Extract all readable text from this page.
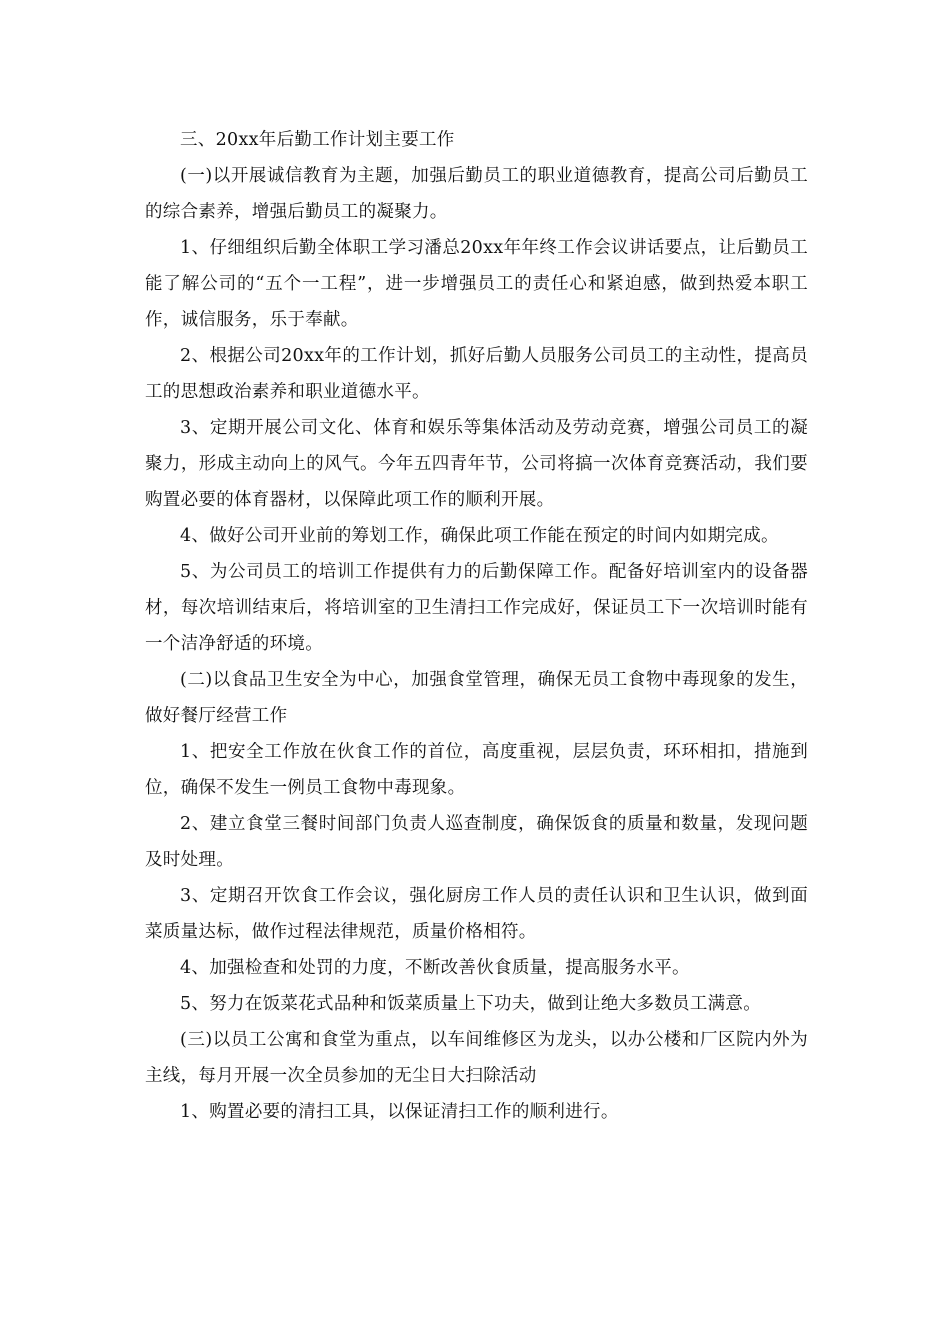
三、20xx年后勤工作计划主要工作

(一)以开展诚信教育为主题，加强后勤员工的职业道德教育，提高公司后勤员工的综合素养，增强后勤员工的凝聚力。

1、仔细组织后勤全体职工学习潘总20xx年年终工作会议讲话要点，让后勤员工能了解公司的“五个一工程”，进一步增强员工的责任心和紧迫感，做到热爱本职工作，诚信服务，乐于奉献。

2、根据公司20xx年的工作计划，抓好后勤人员服务公司员工的主动性，提高员工的思想政治素养和职业道德水平。

3、定期开展公司文化、体育和娱乐等集体活动及劳动竞赛，增强公司员工的凝聚力，形成主动向上的风气。今年五四青年节，公司将搞一次体育竞赛活动，我们要购置必要的体育器材，以保障此项工作的顺利开展。

4、做好公司开业前的筹划工作，确保此项工作能在预定的时间内如期完成。

5、为公司员工的培训工作提供有力的后勤保障工作。配备好培训室内的设备器材，每次培训结束后，将培训室的卫生清扫工作完成好，保证员工下一次培训时能有一个洁净舒适的环境。

(二)以食品卫生安全为中心，加强食堂管理，确保无员工食物中毒现象的发生，做好餐厅经营工作

1、把安全工作放在伙食工作的首位，高度重视，层层负责，环环相扣，措施到位，确保不发生一例员工食物中毒现象。

2、建立食堂三餐时间部门负责人巡查制度，确保饭食的质量和数量，发现问题及时处理。

3、定期召开饮食工作会议，强化厨房工作人员的责任认识和卫生认识，做到面菜质量达标，做作过程法律规范，质量价格相符。

4、加强检查和处罚的力度，不断改善伙食质量，提高服务水平。

5、努力在饭菜花式品种和饭菜质量上下功夫，做到让绝大多数员工满意。

(三)以员工公寓和食堂为重点，以车间维修区为龙头，以办公楼和厂区院内外为主线，每月开展一次全员参加的无尘日大扫除活动

1、购置必要的清扫工具，以保证清扫工作的顺利进行。
